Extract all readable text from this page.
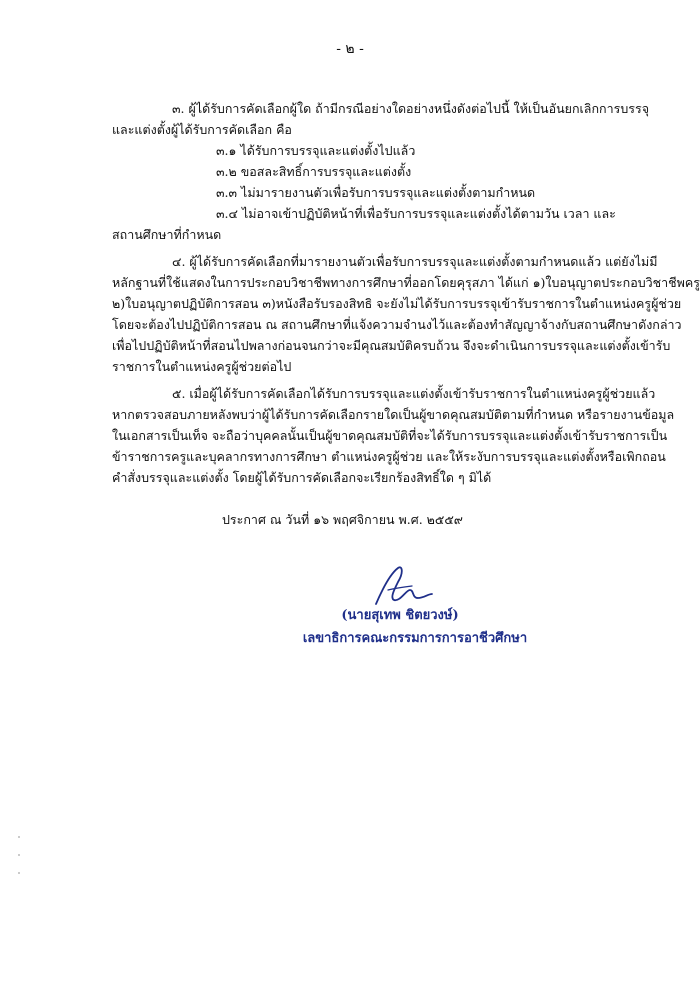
- ๒ -
๓. ผู้ได้รับการคัดเลือกผู้ใด ถ้ามีกรณีอย่างใดอย่างหนึ่งดังต่อไปนี้ ให้เป็นอันยกเลิกการบรรจุ
และแต่งตั้งผู้ได้รับการคัดเลือก คือ
๓.๑ ได้รับการบรรจุและแต่งตั้งไปแล้ว
๓.๒ ขอสละสิทธิ์การบรรจุและแต่งตั้ง
๓.๓ ไม่มารายงานตัวเพื่อรับการบรรจุและแต่งตั้งตามกำหนด
๓.๔ ไม่อาจเข้าปฏิบัติหน้าที่เพื่อรับการบรรจุและแต่งตั้งได้ตามวัน เวลา และ
สถานศึกษาที่กำหนด
๔. ผู้ได้รับการคัดเลือกที่มารายงานตัวเพื่อรับการบรรจุและแต่งตั้งตามกำหนดแล้ว แต่ยังไม่มี
หลักฐานที่ใช้แสดงในการประกอบวิชาชีพทางการศึกษาที่ออกโดยคุรุสภา ได้แก่ ๑)ใบอนุญาตประกอบวิชาชีพครู
๒)ใบอนุญาตปฏิบัติการสอน ๓)หนังสือรับรองสิทธิ จะยังไม่ได้รับการบรรจุเข้ารับราชการในตำแหน่งครูผู้ช่วย
โดยจะต้องไปปฏิบัติการสอน ณ สถานศึกษาที่แจ้งความจำนงไว้และต้องทำสัญญาจ้างกับสถานศึกษาดังกล่าว
เพื่อไปปฏิบัติหน้าที่สอนไปพลางก่อนจนกว่าจะมีคุณสมบัติครบถ้วน จึงจะดำเนินการบรรจุและแต่งตั้งเข้ารับ
ราชการในตำแหน่งครูผู้ช่วยต่อไป
๕. เมื่อผู้ได้รับการคัดเลือกได้รับการบรรจุและแต่งตั้งเข้ารับราชการในตำแหน่งครูผู้ช่วยแล้ว
หากตรวจสอบภายหลังพบว่าผู้ได้รับการคัดเลือกรายใดเป็นผู้ขาดคุณสมบัติตามที่กำหนด หรือรายงานข้อมูล
ในเอกสารเป็นเท็จ จะถือว่าบุคคลนั้นเป็นผู้ขาดคุณสมบัติที่จะได้รับการบรรจุและแต่งตั้งเข้ารับราชการเป็น
ข้าราชการครูและบุคลากรทางการศึกษา ตำแหน่งครูผู้ช่วย และให้ระงับการบรรจุและแต่งตั้งหรือเพิกถอน
คำสั่งบรรจุและแต่งตั้ง โดยผู้ได้รับการคัดเลือกจะเรียกร้องสิทธิ์ใด ๆ มิได้
ประกาศ ณ วันที่ ๑๖ พฤศจิกายน พ.ศ. ๒๕๕๙
(นายสุเทพ ชิตยวงษ์)
เลขาธิการคณะกรรมการการอาชีวศึกษา
